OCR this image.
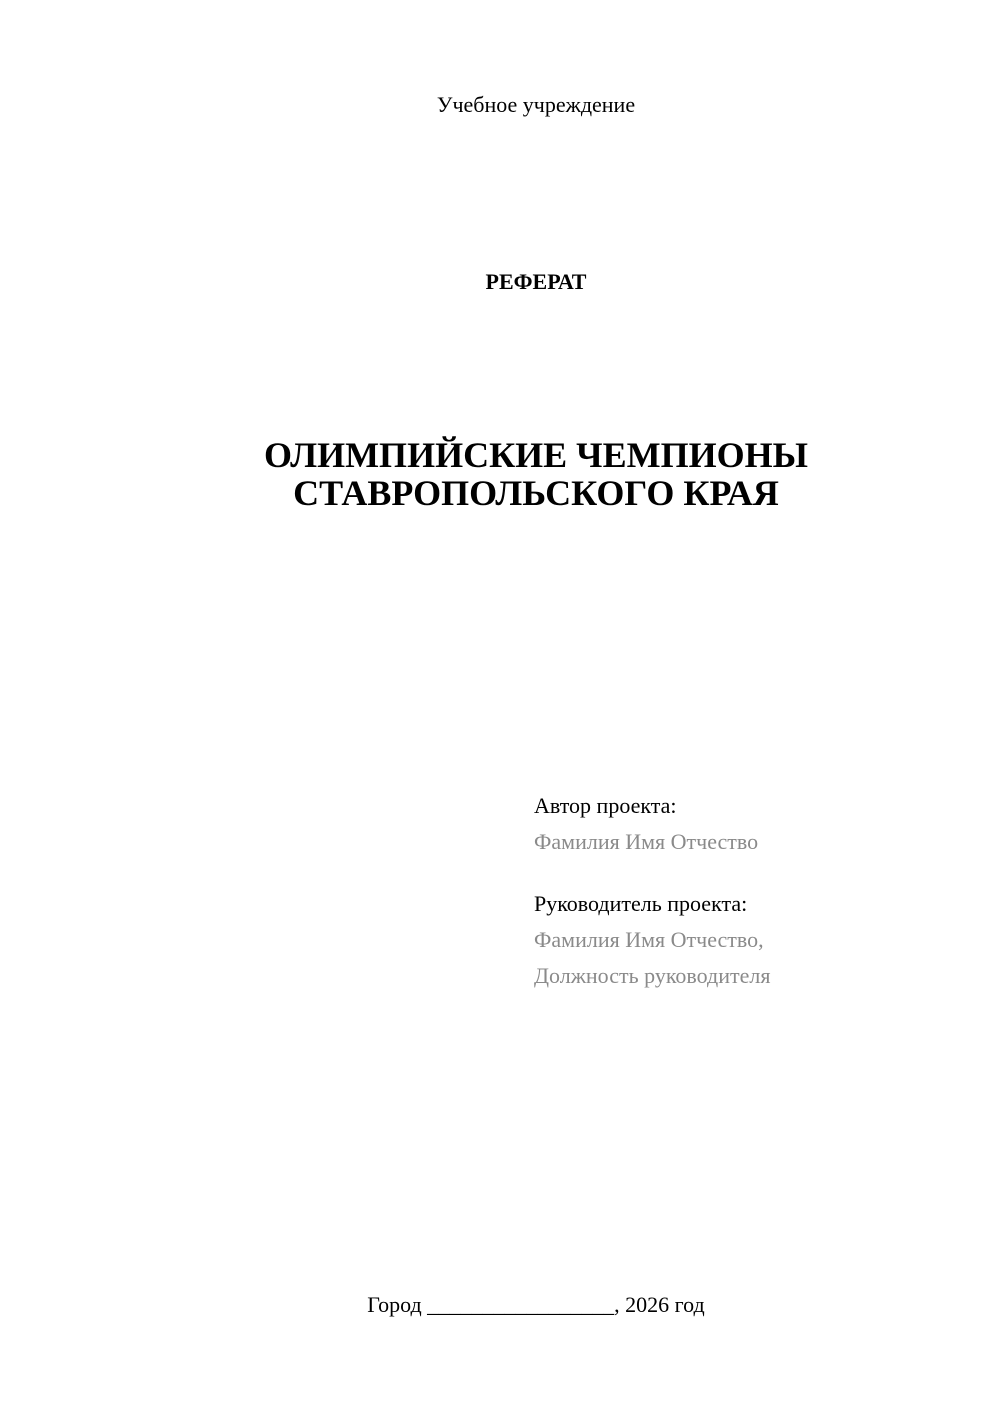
Учебное учреждение
РЕФЕРАТ
ОЛИМПИЙСКИЕ ЧЕМПИОНЫ
СТАВРОПОЛЬСКОГО КРАЯ
Автор проекта:
Фамилия Имя Отчество
Руководитель проекта:
Фамилия Имя Отчество,
Должность руководителя
Город _________________, 2026 год
